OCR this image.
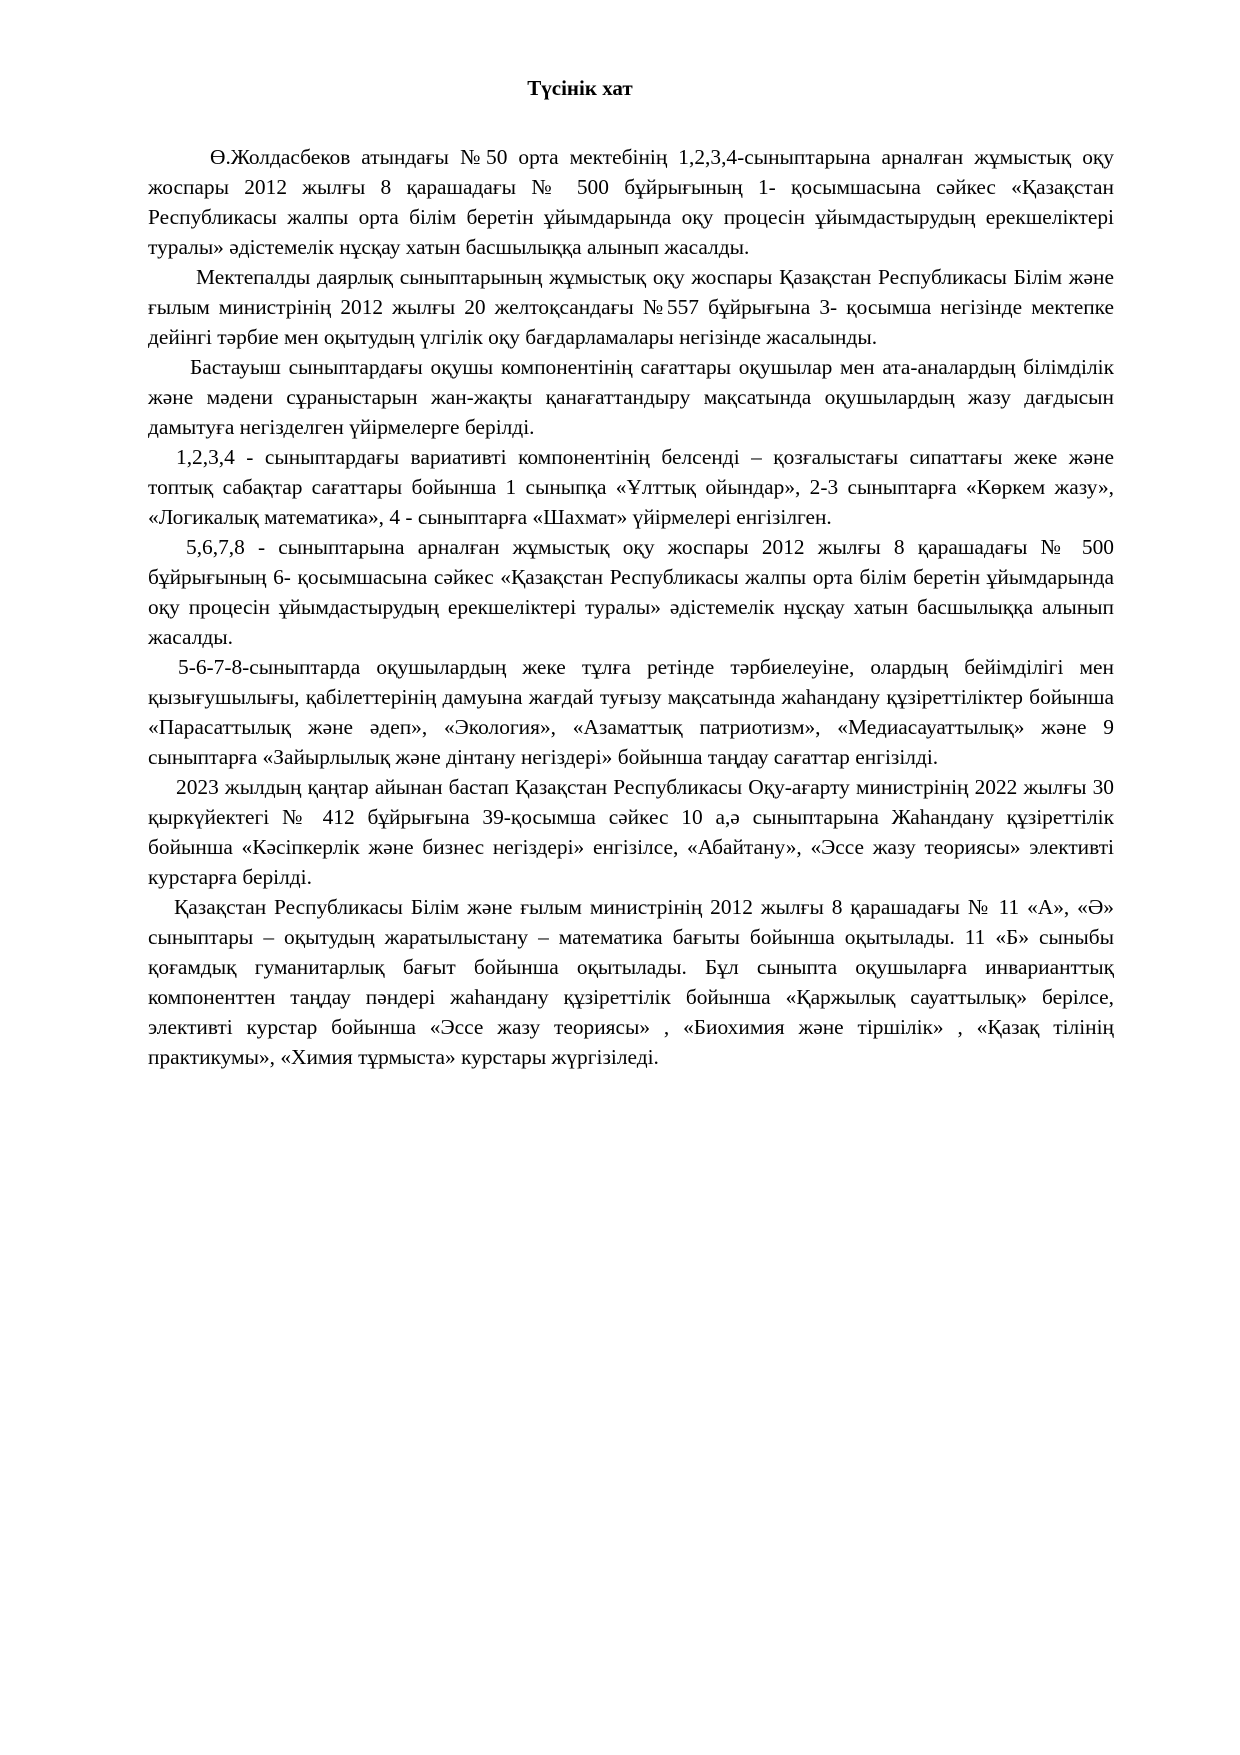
Түсінік хат

Ө.Жолдасбеков атындағы №50 орта мектебінің 1,2,3,4-сыныптарына арналған жұмыстық оқу жоспары 2012 жылғы 8 қарашадағы № 500 бұйрығының 1- қосымшасына сәйкес «Қазақстан Республикасы жалпы орта білім беретін ұйымдарында оқу процесін ұйымдастырудың ерекшеліктері туралы» әдістемелік нұсқау хатын басшылыққа алынып жасалды.

Мектепалды даярлық сыныптарының жұмыстық оқу жоспары Қазақстан Республикасы Білім және ғылым министрінің 2012 жылғы 20 желтоқсандағы №557 бұйрығына 3- қосымша негізінде мектепке дейінгі тәрбие мен оқытудың үлгілік оқу бағдарламалары негізінде жасалынды.

Бастауыш сыныптардағы оқушы компонентінің сағаттары оқушылар мен ата-аналардың білімділік және мәдени сұраныстарын жан-жақты қанағаттандыру мақсатында оқушылардың жазу дағдысын дамытуға негізделген үйірмелерге берілді.

1,2,3,4 - сыныптардағы вариативті компонентінің белсенді – қозғалыстағы сипаттағы жеке және топтық сабақтар сағаттары бойынша 1 сыныпқа «Ұлттық ойындар», 2-3 сыныптарға «Көркем жазу», «Логикалық математика», 4 - сыныптарға «Шахмат» үйірмелері енгізілген.

5,6,7,8 - сыныптарына арналған жұмыстық оқу жоспары 2012 жылғы 8 қарашадағы № 500 бұйрығының 6- қосымшасына сәйкес «Қазақстан Республикасы жалпы орта білім беретін ұйымдарында оқу процесін ұйымдастырудың ерекшеліктері туралы» әдістемелік нұсқау хатын басшылыққа алынып жасалды.

5-6-7-8-сыныптарда оқушылардың жеке тұлға ретінде тәрбиелеуіне, олардың бейімділігі мен қызығушылығы, қабілеттерінің дамуына жағдай туғызу мақсатында жаһандану құзіреттіліктер бойынша «Парасаттылық және әдеп», «Экология», «Азаматтық патриотизм», «Медиасауаттылық» және 9 сыныптарға «Зайырлылық және дінтану негіздері» бойынша таңдау сағаттар енгізілді.

2023 жылдың қаңтар айынан бастап Қазақстан Республикасы Оқу-ағарту министрінің 2022 жылғы 30 қыркүйектегі № 412 бұйрығына 39-қосымша сәйкес 10 а,ә сыныптарына Жаһандану құзіреттілік бойынша «Кәсіпкерлік және бизнес негіздері» енгізілсе, «Абайтану», «Эссе жазу теориясы» элективті курстарға берілді.

Қазақстан Республикасы Білім және ғылым министрінің 2012 жылғы 8 қарашадағы № 11 «А», «Ә» сыныптары – оқытудың жаратылыстану – математика бағыты бойынша оқытылады. 11 «Б» сыныбы қоғамдық гуманитарлық бағыт бойынша оқытылады. Бұл сыныпта оқушыларға инварианттық компоненттен таңдау пәндері жаһандану құзіреттілік бойынша «Қаржылық сауаттылық» берілсе, элективті курстар бойынша «Эссе жазу теориясы» , «Биохимия және тіршілік» , «Қазақ тілінің практикумы», «Химия тұрмыста» курстары жүргізіледі.
